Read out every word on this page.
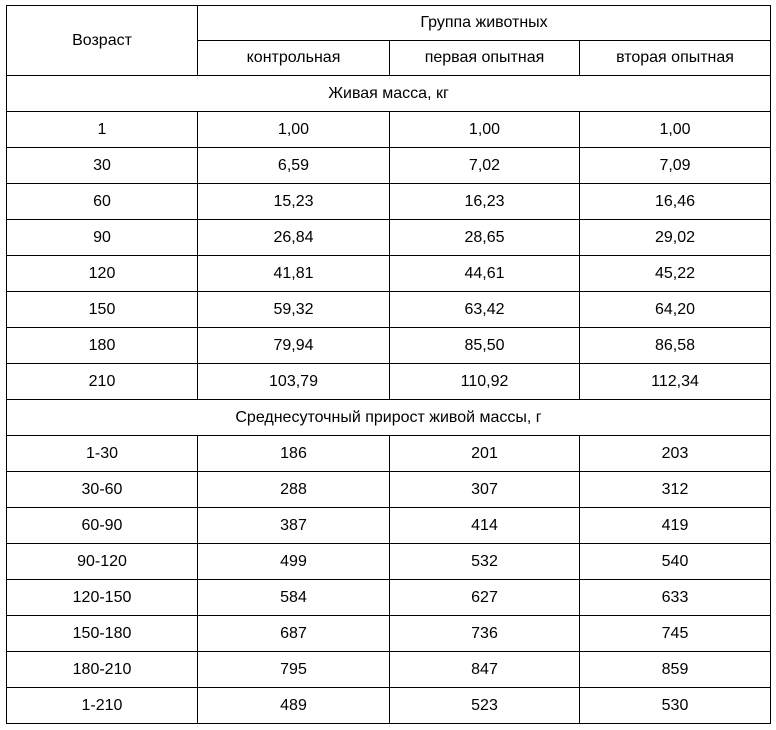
Возраст	Группа животных		
	контрольная	первая опытная	вторая опытная
Живая масса, кг			
1	1,00	1,00	1,00
30	6,59	7,02	7,09
60	15,23	16,23	16,46
90	26,84	28,65	29,02
120	41,81	44,61	45,22
150	59,32	63,42	64,20
180	79,94	85,50	86,58
210	103,79	110,92	112,34
Среднесуточный прирост живой массы, г			
1-30	186	201	203
30-60	288	307	312
60-90	387	414	419
90-120	499	532	540
120-150	584	627	633
150-180	687	736	745
180-210	795	847	859
1-210	489	523	530
